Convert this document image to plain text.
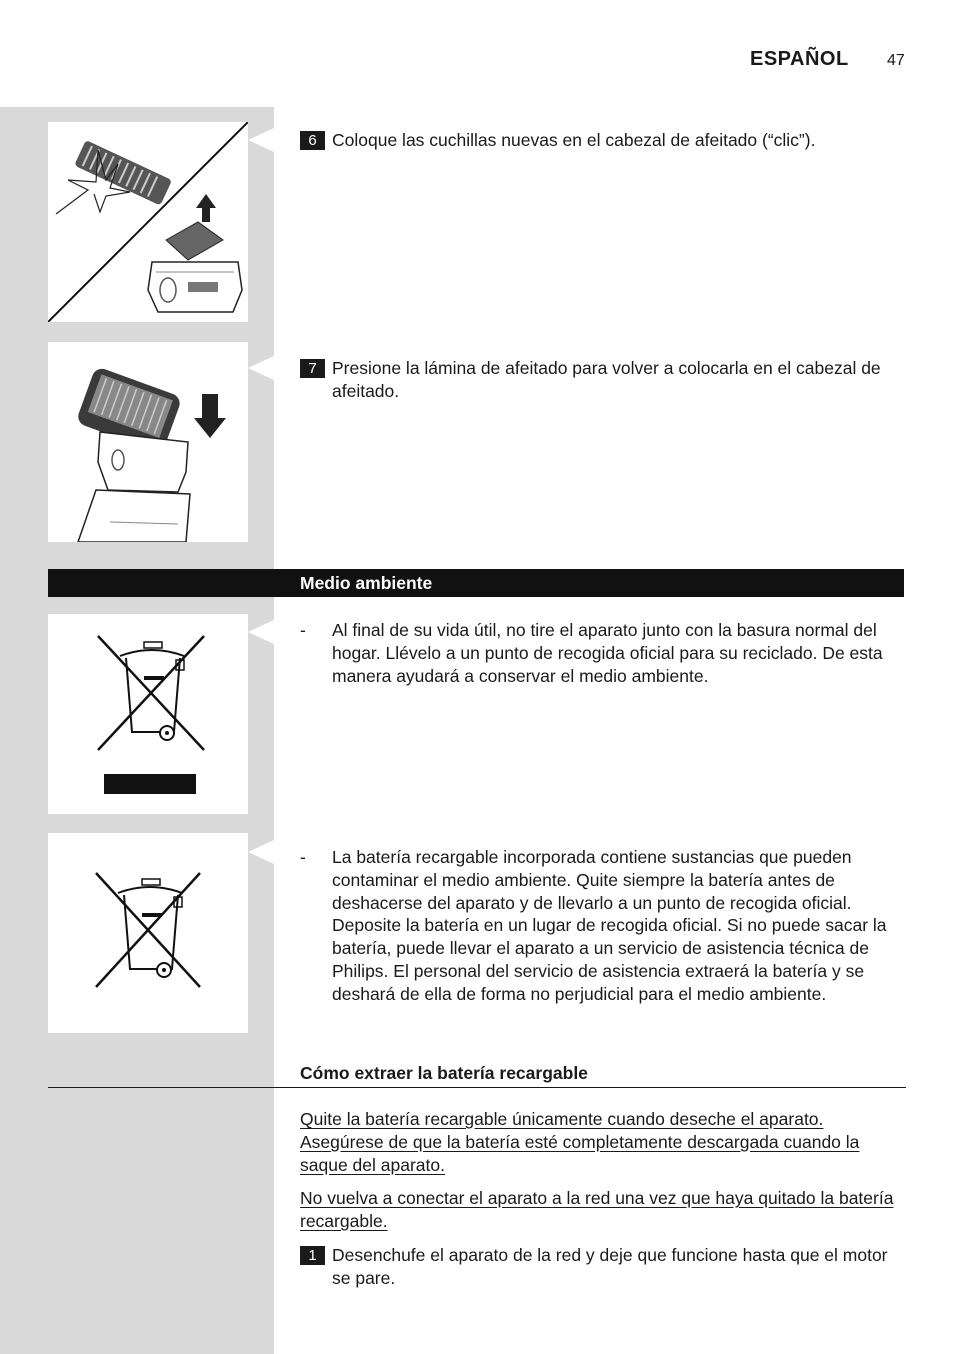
ESPAÑOL 47
6 Coloque las cuchillas nuevas en el cabezal de afeitado (“clic”).
7 Presione la lámina de afeitado para volver a colocarla en el cabezal de afeitado.
Medio ambiente
- Al final de su vida útil, no tire el aparato junto con la basura normal del hogar. Llévelo a un punto de recogida oficial para su reciclado. De esta manera ayudará a conservar el medio ambiente.
- La batería recargable incorporada contiene sustancias que pueden contaminar el medio ambiente. Quite siempre la batería antes de deshacerse del aparato y de llevarlo a un punto de recogida oficial. Deposite la batería en un lugar de recogida oficial. Si no puede sacar la batería, puede llevar el aparato a un servicio de asistencia técnica de Philips. El personal del servicio de asistencia extraerá la batería y se deshará de ella de forma no perjudicial para el medio ambiente.
Cómo extraer la batería recargable
Quite la batería recargable únicamente cuando deseche el aparato. Asegúrese de que la batería esté completamente descargada cuando la saque del aparato.
No vuelva a conectar el aparato a la red una vez que haya quitado la batería recargable.
1 Desenchufe el aparato de la red y deje que funcione hasta que el motor se pare.
